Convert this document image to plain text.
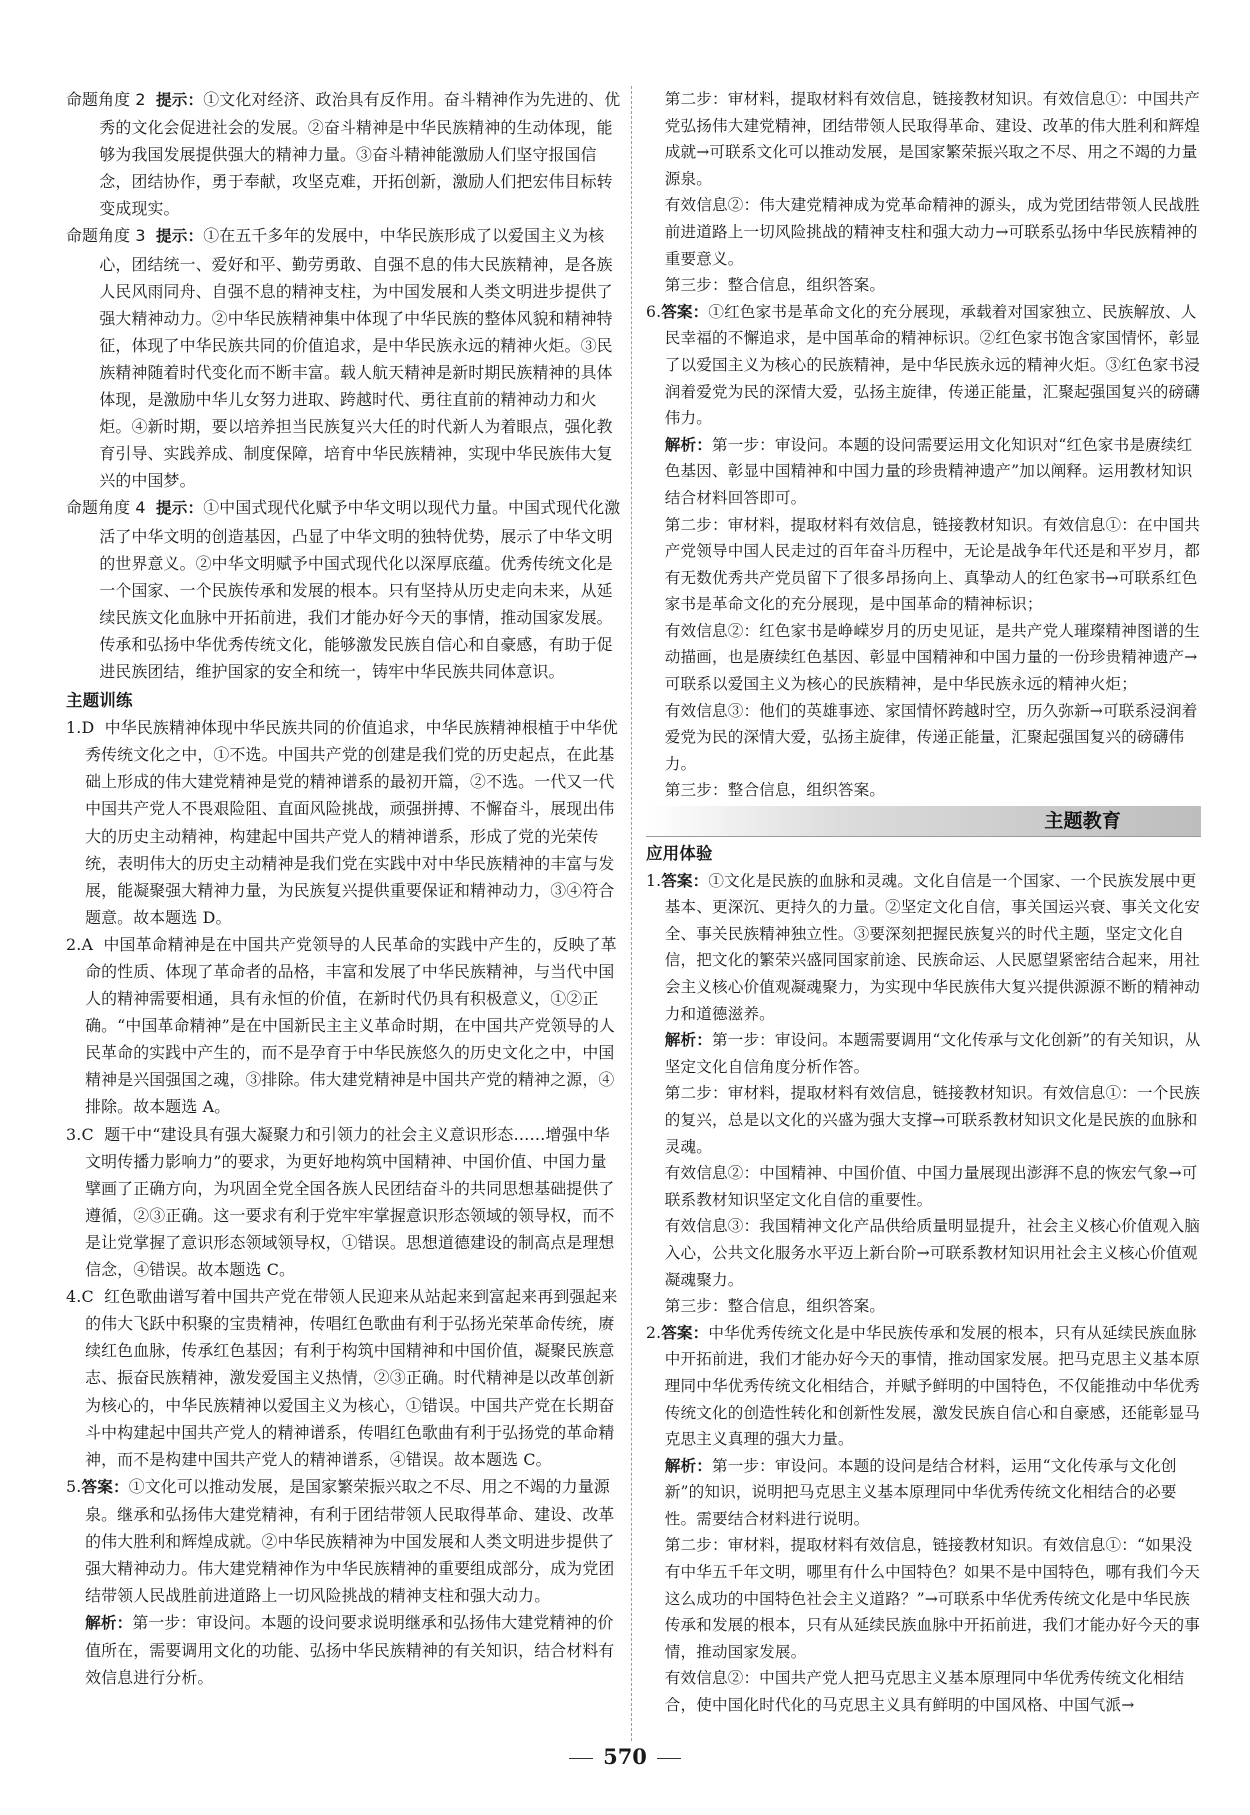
命题角度 2 提示：①文化对经济、政治具有反作用。奋斗精神作为先进的、优秀的文化会促进社会的发展。②奋斗精神是中华民族精神的生动体现，能够为我国发展提供强大的精神力量。③奋斗精神能激励人们坚守报国信念，团结协作，勇于奉献，攻坚克难，开拓创新，激励人们把宏伟目标转变成现实。

命题角度 3 提示：①在五千多年的发展中，中华民族形成了以爱国主义为核心，团结统一、爱好和平、勤劳勇敢、自强不息的伟大民族精神，是各族人民风雨同舟、自强不息的精神支柱，为中国发展和人类文明进步提供了强大精神动力。②中华民族精神集中体现了中华民族的整体风貌和精神特征，体现了中华民族共同的价值追求，是中华民族永远的精神火炬。③民族精神随着时代变化而不断丰富。载人航天精神是新时期民族精神的具体体现，是激励中华儿女努力进取、跨越时代、勇往直前的精神动力和火炬。④新时期，要以培养担当民族复兴大任的时代新人为着眼点，强化教育引导、实践养成、制度保障，培育中华民族精神，实现中华民族伟大复兴的中国梦。

命题角度 4 提示：①中国式现代化赋予中华文明以现代力量。中国式现代化激活了中华文明的创造基因，凸显了中华文明的独特优势，展示了中华文明的世界意义。②中华文明赋予中国式现代化以深厚底蕴。优秀传统文化是一个国家、一个民族传承和发展的根本。只有坚持从历史走向未来，从延续民族文化血脉中开拓前进，我们才能办好今天的事情，推动国家发展。传承和弘扬中华优秀传统文化，能够激发民族自信心和自豪感，有助于促进民族团结，维护国家的安全和统一，铸牢中华民族共同体意识。

主题训练

1.D 中华民族精神体现中华民族共同的价值追求，中华民族精神根植于中华优秀传统文化之中，①不选。中国共产党的创建是我们党的历史起点，在此基础上形成的伟大建党精神是党的精神谱系的最初开篇，②不选。一代又一代中国共产党人不畏艰险阻、直面风险挑战，顽强拼搏、不懈奋斗，展现出伟大的历史主动精神，构建起中国共产党人的精神谱系，形成了党的光荣传统，表明伟大的历史主动精神是我们党在实践中对中华民族精神的丰富与发展，能凝聚强大精神力量，为民族复兴提供重要保证和精神动力，③④符合题意。故本题选 D。

2.A 中国革命精神是在中国共产党领导的人民革命的实践中产生的，反映了革命的性质、体现了革命者的品格，丰富和发展了中华民族精神，与当代中国人的精神需要相通，具有永恒的价值，在新时代仍具有积极意义，①②正确。“中国革命精神”是在中国新民主主义革命时期，在中国共产党领导的人民革命的实践中产生的，而不是孕育于中华民族悠久的历史文化之中，中国精神是兴国强国之魂，③排除。伟大建党精神是中国共产党的精神之源，④排除。故本题选 A。

3.C 题干中“建设具有强大凝聚力和引领力的社会主义意识形态……增强中华文明传播力影响力”的要求，为更好地构筑中国精神、中国价值、中国力量擘画了正确方向，为巩固全党全国各族人民团结奋斗的共同思想基础提供了遵循，②③正确。这一要求有利于党牢牢掌握意识形态领域的领导权，而不是让党掌握了意识形态领域领导权，①错误。思想道德建设的制高点是理想信念，④错误。故本题选 C。

4.C 红色歌曲谱写着中国共产党在带领人民迎来从站起来到富起来再到强起来的伟大飞跃中积聚的宝贵精神，传唱红色歌曲有利于弘扬光荣革命传统，赓续红色血脉，传承红色基因；有利于构筑中国精神和中国价值，凝聚民族意志、振奋民族精神，激发爱国主义热情，②③正确。时代精神是以改革创新为核心的，中华民族精神以爱国主义为核心，①错误。中国共产党在长期奋斗中构建起中国共产党人的精神谱系，传唱红色歌曲有利于弘扬党的革命精神，而不是构建中国共产党人的精神谱系，④错误。故本题选 C。

5.答案：①文化可以推动发展，是国家繁荣振兴取之不尽、用之不竭的力量源泉。继承和弘扬伟大建党精神，有利于团结带领人民取得革命、建设、改革的伟大胜利和辉煌成就。②中华民族精神为中国发展和人类文明进步提供了强大精神动力。伟大建党精神作为中华民族精神的重要组成部分，成为党团结带领人民战胜前进道路上一切风险挑战的精神支柱和强大动力。

解析：第一步：审设问。本题的设问要求说明继承和弘扬伟大建党精神的价值所在，需要调用文化的功能、弘扬中华民族精神的有关知识，结合材料有效信息进行分析。

第二步：审材料，提取材料有效信息，链接教材知识。有效信息①：中国共产党弘扬伟大建党精神，团结带领人民取得革命、建设、改革的伟大胜利和辉煌成就→可联系文化可以推动发展，是国家繁荣振兴取之不尽、用之不竭的力量源泉。

有效信息②：伟大建党精神成为党革命精神的源头，成为党团结带领人民战胜前进道路上一切风险挑战的精神支柱和强大动力→可联系弘扬中华民族精神的重要意义。

第三步：整合信息，组织答案。

6.答案：①红色家书是革命文化的充分展现，承载着对国家独立、民族解放、人民幸福的不懈追求，是中国革命的精神标识。②红色家书饱含家国情怀，彰显了以爱国主义为核心的民族精神，是中华民族永远的精神火炬。③红色家书浸润着爱党为民的深情大爱，弘扬主旋律，传递正能量，汇聚起强国复兴的磅礴伟力。

解析：第一步：审设问。本题的设问需要运用文化知识对“红色家书是赓续红色基因、彰显中国精神和中国力量的珍贵精神遗产”加以阐释。运用教材知识结合材料回答即可。

第二步：审材料，提取材料有效信息，链接教材知识。有效信息①：在中国共产党领导中国人民走过的百年奋斗历程中，无论是战争年代还是和平岁月，都有无数优秀共产党员留下了很多昂扬向上、真挚动人的红色家书→可联系红色家书是革命文化的充分展现，是中国革命的精神标识；

有效信息②：红色家书是峥嵘岁月的历史见证，是共产党人璀璨精神图谱的生动描画，也是赓续红色基因、彰显中国精神和中国力量的一份珍贵精神遗产→可联系以爱国主义为核心的民族精神，是中华民族永远的精神火炬；

有效信息③：他们的英雄事迹、家国情怀跨越时空，历久弥新→可联系浸润着爱党为民的深情大爱，弘扬主旋律，传递正能量，汇聚起强国复兴的磅礴伟力。

第三步：整合信息，组织答案。

主题教育

应用体验

1.答案：①文化是民族的血脉和灵魂。文化自信是一个国家、一个民族发展中更基本、更深沉、更持久的力量。②坚定文化自信，事关国运兴衰、事关文化安全、事关民族精神独立性。③要深刻把握民族复兴的时代主题，坚定文化自信，把文化的繁荣兴盛同国家前途、民族命运、人民愿望紧密结合起来，用社会主义核心价值观凝魂聚力，为实现中华民族伟大复兴提供源源不断的精神动力和道德滋养。

解析：第一步：审设问。本题需要调用“文化传承与文化创新”的有关知识，从坚定文化自信角度分析作答。

第二步：审材料，提取材料有效信息，链接教材知识。有效信息①：一个民族的复兴，总是以文化的兴盛为强大支撑→可联系教材知识文化是民族的血脉和灵魂。

有效信息②：中国精神、中国价值、中国力量展现出澎湃不息的恢宏气象→可联系教材知识坚定文化自信的重要性。

有效信息③：我国精神文化产品供给质量明显提升，社会主义核心价值观入脑入心，公共文化服务水平迈上新台阶→可联系教材知识用社会主义核心价值观凝魂聚力。

第三步：整合信息，组织答案。

2.答案：中华优秀传统文化是中华民族传承和发展的根本，只有从延续民族血脉中开拓前进，我们才能办好今天的事情，推动国家发展。把马克思主义基本原理同中华优秀传统文化相结合，并赋予鲜明的中国特色，不仅能推动中华优秀传统文化的创造性转化和创新性发展，激发民族自信心和自豪感，还能彰显马克思主义真理的强大力量。

解析：第一步：审设问。本题的设问是结合材料，运用“文化传承与文化创新”的知识，说明把马克思主义基本原理同中华优秀传统文化相结合的必要性。需要结合材料进行说明。

第二步：审材料，提取材料有效信息，链接教材知识。有效信息①：“如果没有中华五千年文明，哪里有什么中国特色？如果不是中国特色，哪有我们今天这么成功的中国特色社会主义道路？”→可联系中华优秀传统文化是中华民族传承和发展的根本，只有从延续民族血脉中开拓前进，我们才能办好今天的事情，推动国家发展。

有效信息②：中国共产党人把马克思主义基本原理同中华优秀传统文化相结合，使中国化时代化的马克思主义具有鲜明的中国风格、中国气派→

570
